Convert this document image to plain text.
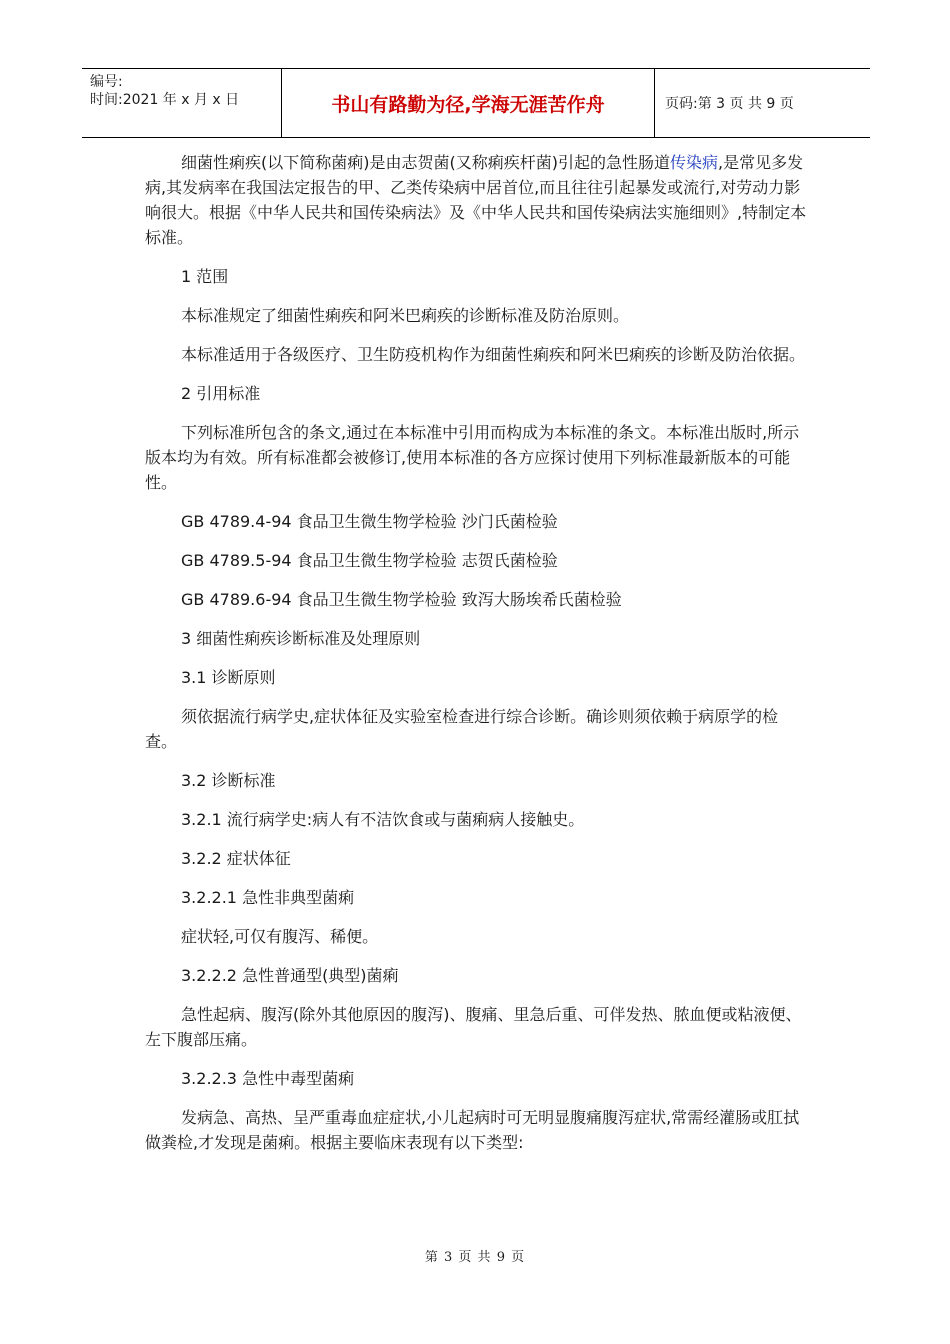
编号:
时间:2021 年 x 月 x 日	书山有路勤为径,学海无涯苦作舟	页码:第 3 页 共 9 页

细菌性痢疾(以下简称菌痢)是由志贺菌(又称痢疾杆菌)引起的急性肠道传染病,是常见多发病,其发病率在我国法定报告的甲、乙类传染病中居首位,而且往往引起暴发或流行,对劳动力影响很大。根据《中华人民共和国传染病法》及《中华人民共和国传染病法实施细则》,特制定本标准。

1 范围

本标准规定了细菌性痢疾和阿米巴痢疾的诊断标准及防治原则。

本标准适用于各级医疗、卫生防疫机构作为细菌性痢疾和阿米巴痢疾的诊断及防治依据。

2 引用标准

下列标准所包含的条文,通过在本标准中引用而构成为本标准的条文。本标准出版时,所示版本均为有效。所有标准都会被修订,使用本标准的各方应探讨使用下列标准最新版本的可能性。

GB 4789.4-94 食品卫生微生物学检验 沙门氏菌检验

GB 4789.5-94 食品卫生微生物学检验 志贺氏菌检验

GB 4789.6-94 食品卫生微生物学检验 致泻大肠埃希氏菌检验

3 细菌性痢疾诊断标准及处理原则

3.1 诊断原则

须依据流行病学史,症状体征及实验室检查进行综合诊断。确诊则须依赖于病原学的检查。

3.2 诊断标准

3.2.1 流行病学史:病人有不洁饮食或与菌痢病人接触史。

3.2.2 症状体征

3.2.2.1 急性非典型菌痢

症状轻,可仅有腹泻、稀便。

3.2.2.2 急性普通型(典型)菌痢

急性起病、腹泻(除外其他原因的腹泻)、腹痛、里急后重、可伴发热、脓血便或粘液便、左下腹部压痛。

3.2.2.3 急性中毒型菌痢

发病急、高热、呈严重毒血症症状,小儿起病时可无明显腹痛腹泻症状,常需经灌肠或肛拭做粪检,才发现是菌痢。根据主要临床表现有以下类型:

第 3 页 共 9 页
